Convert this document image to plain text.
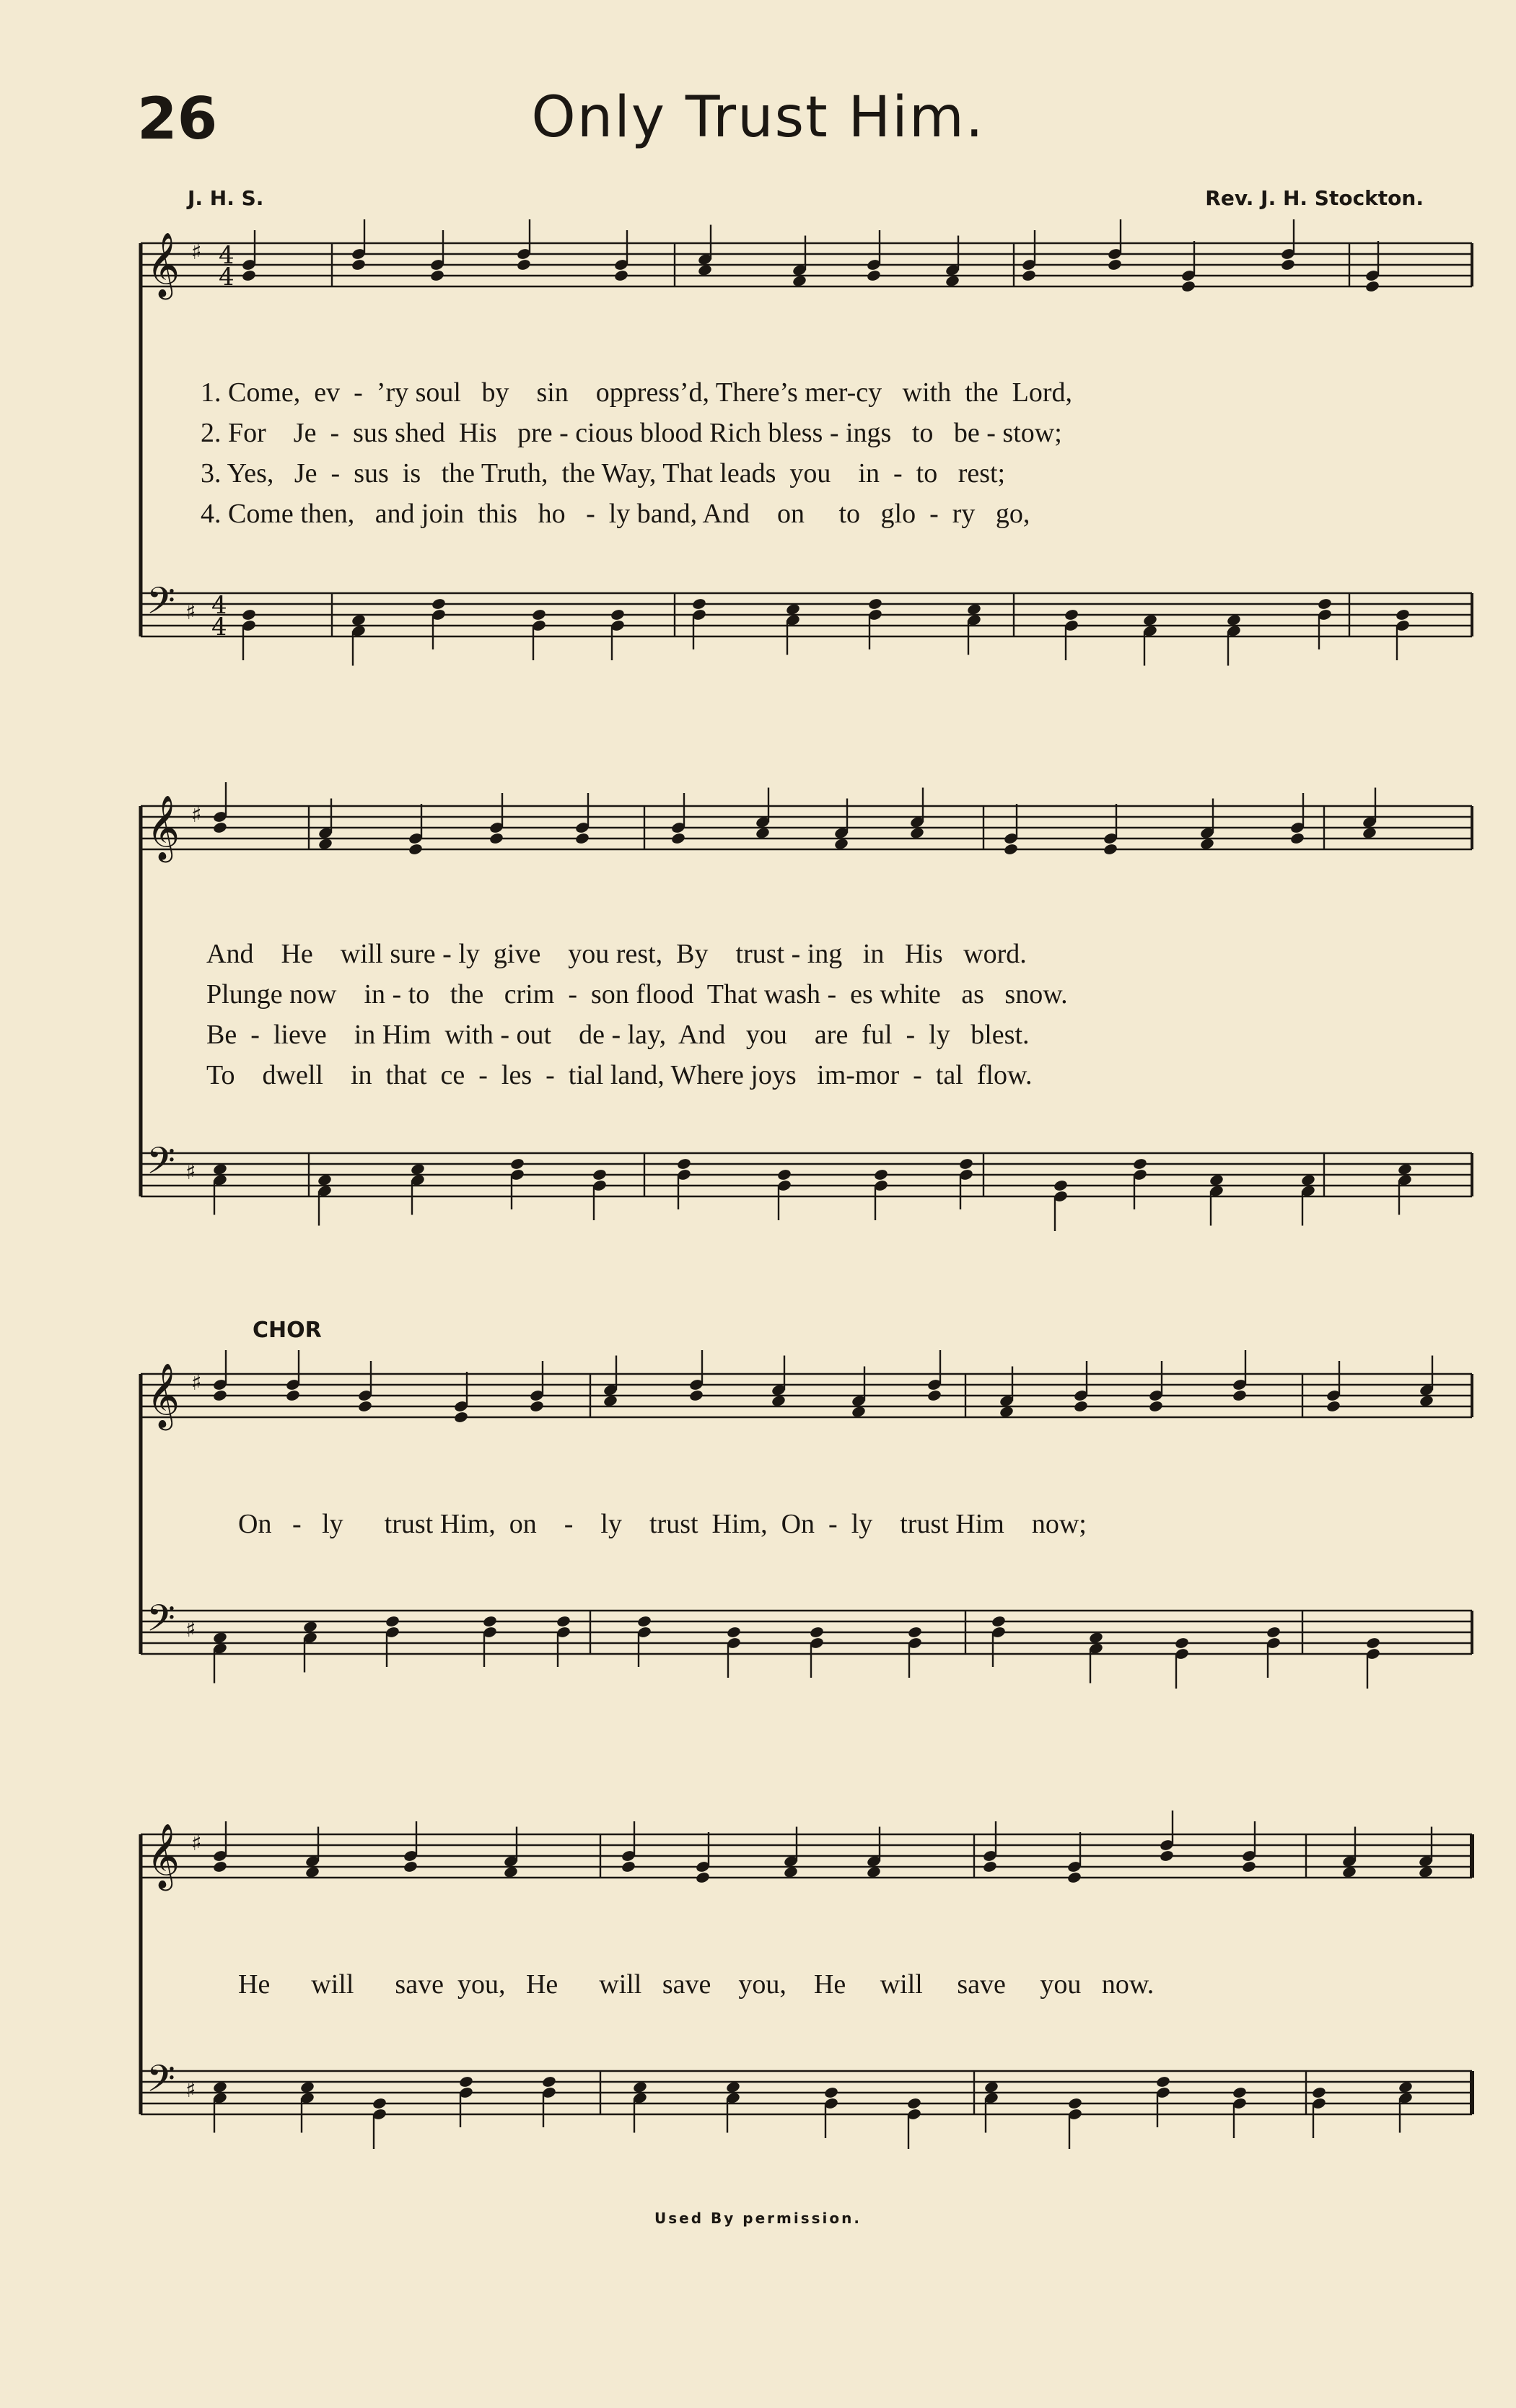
26	Only Trust Him.
J. H. S.	Rev. J. H. Stockton.
𝄞
𝄢
♯
♯
4
4
4
4
𝄞
𝄢
♯
♯
𝄞
𝄢
♯
♯
𝄞
𝄢
♯
♯
1. Come,  ev  -  ’ry soul   by    sin    oppress’d, There’s mer-cy   with  the  Lord,
2. For    Je  -  sus shed  His   pre - cious blood Rich bless - ings   to   be - stow;
3. Yes,   Je  -  sus  is   the Truth,  the Way, That leads  you    in  -  to   rest;
4. Come then,   and join  this   ho   -  ly band, And    on     to   glo  -  ry   go,
And    He    will sure - ly  give    you rest,  By    trust - ing   in   His   word.
Plunge now    in - to   the   crim  -  son flood  That wash -  es white   as   snow.
Be  -  lieve    in Him  with - out    de - lay,  And   you    are  ful  -  ly   blest.
To    dwell    in  that  ce  -  les  -  tial land, Where joys   im-mor  -  tal  flow.
CHOR
On   -   ly      trust Him,  on    -    ly    trust  Him,  On  -  ly    trust Him    now;
He      will      save  you,   He      will   save    you,    He     will     save     you   now.
Used By permission.
